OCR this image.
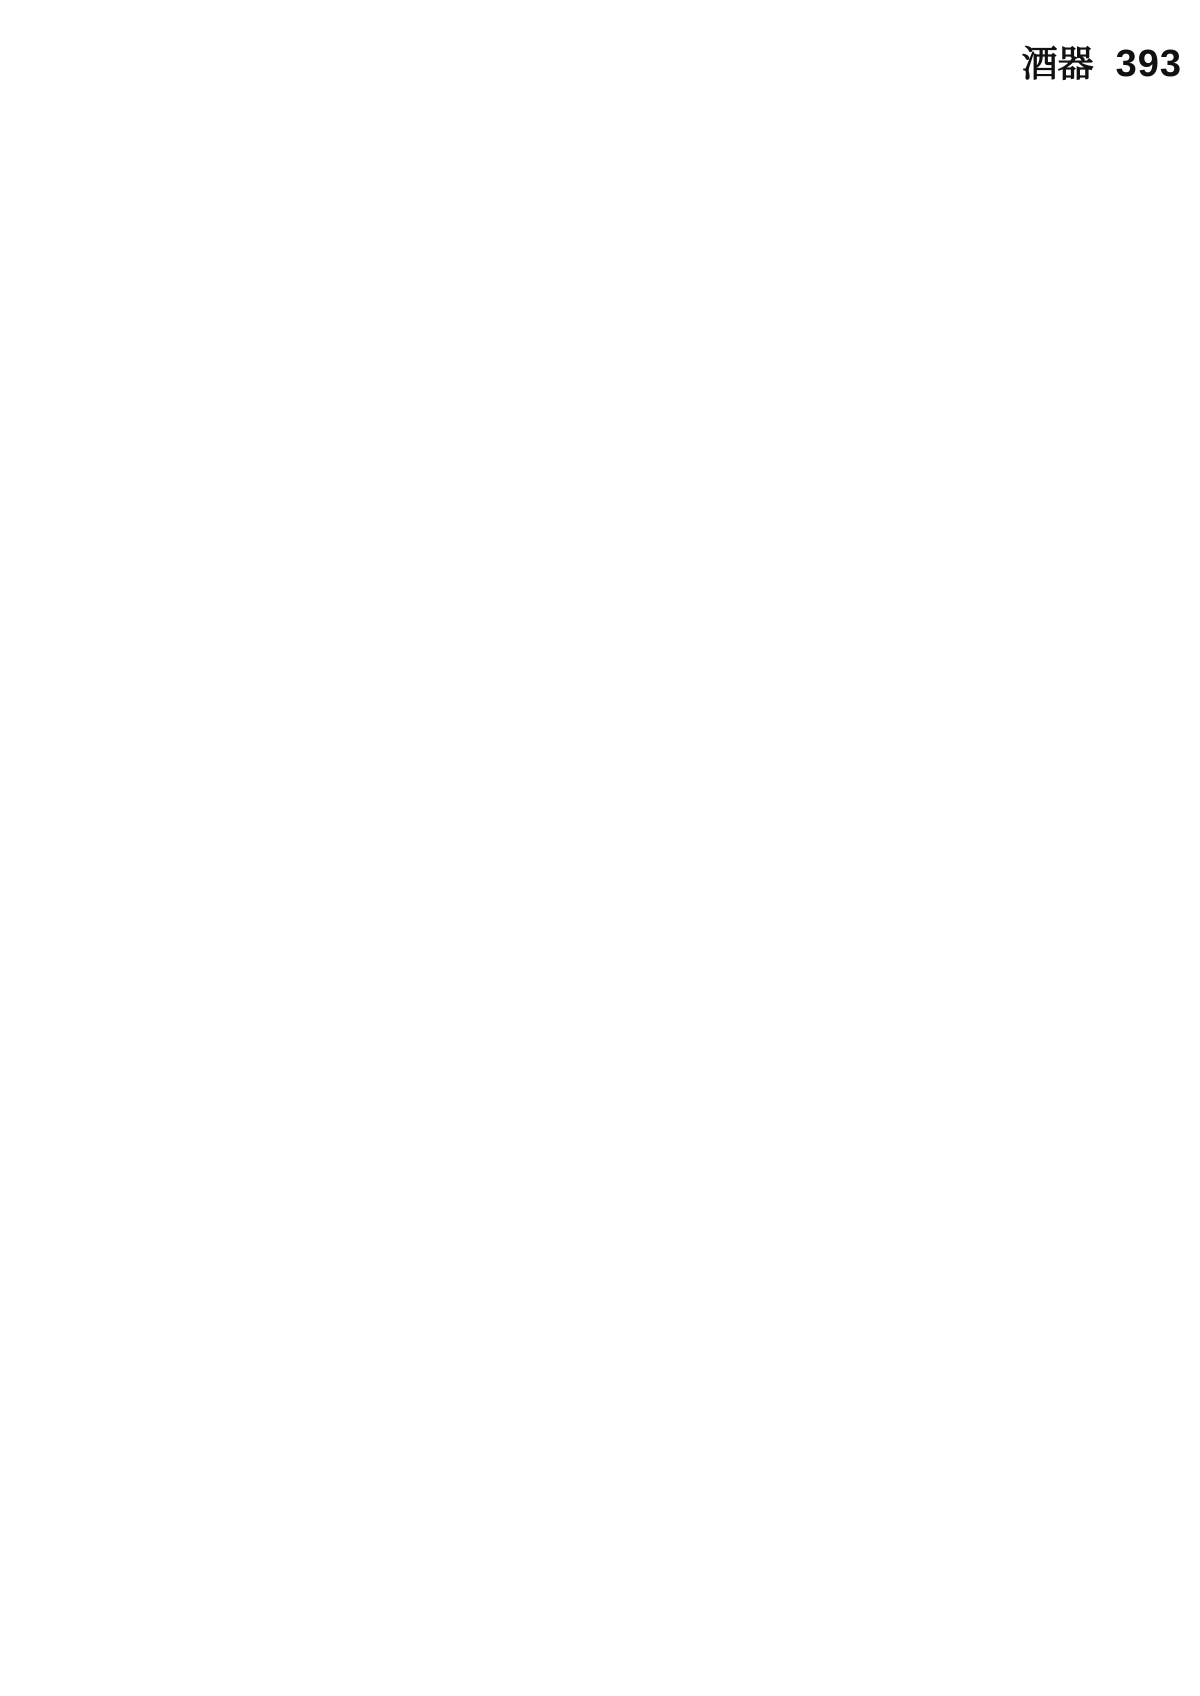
酒器 393
